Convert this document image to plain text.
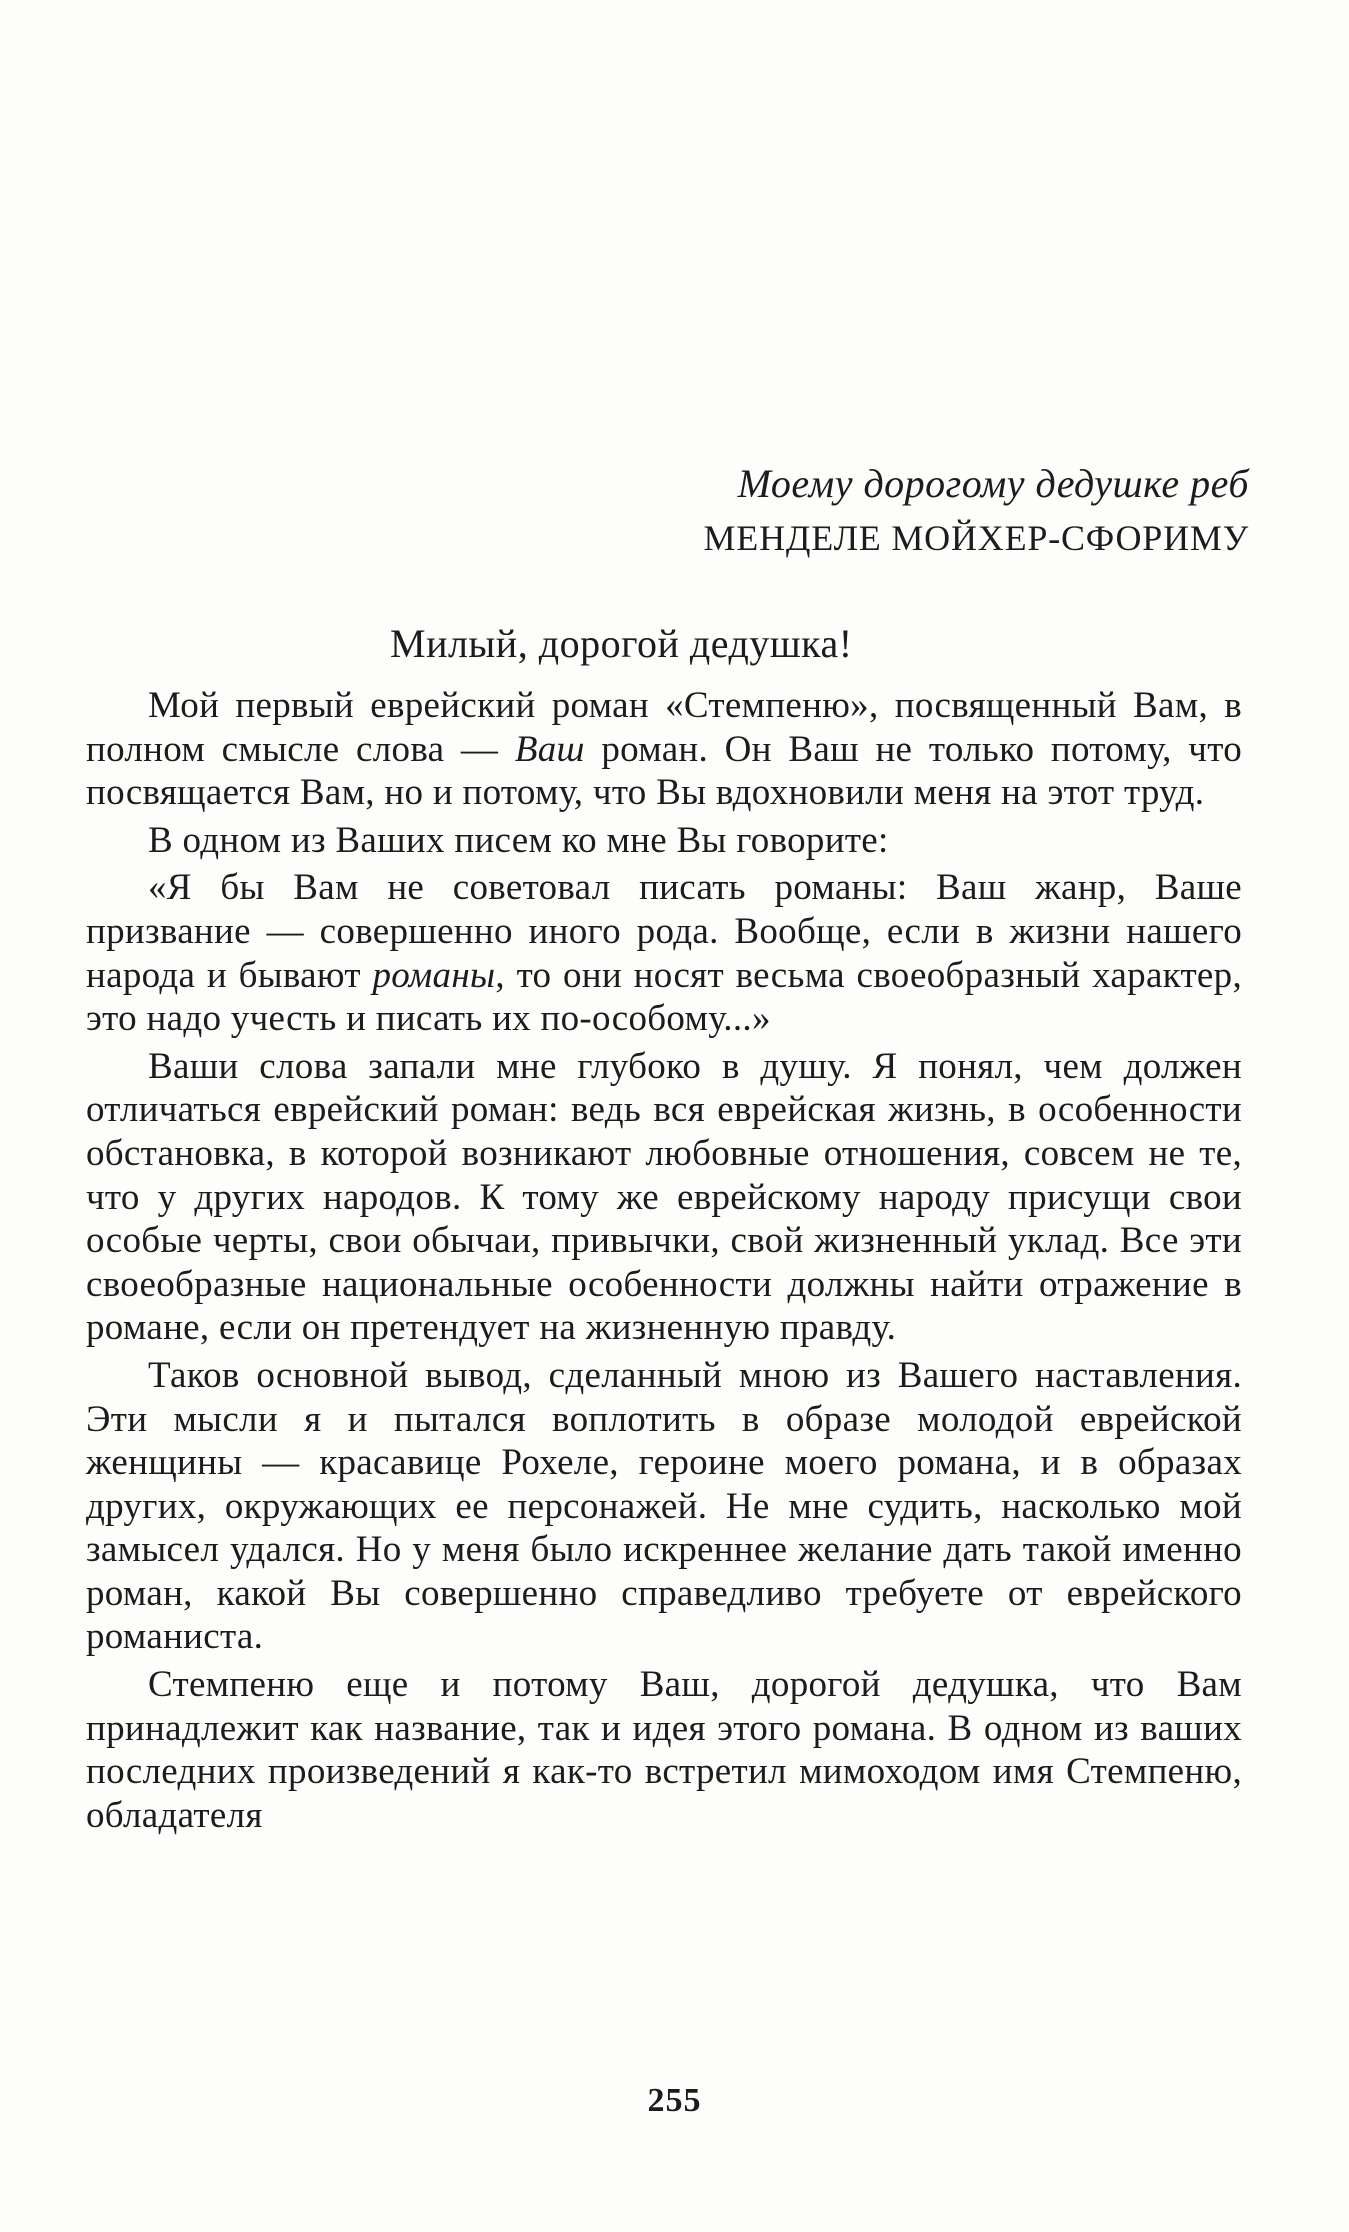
Моему дорогому дедушке реб
МЕНДЕЛЕ МОЙХЕР-СФОРИМУ
Милый, дорогой дедушка!

Мой первый еврейский роман «Стемпеню», посвященный Вам, в полном смысле слова — Ваш роман. Он Ваш не только потому, что посвящается Вам, но и потому, что Вы вдохновили меня на этот труд.

В одном из Ваших писем ко мне Вы говорите:

«Я бы Вам не советовал писать романы: Ваш жанр, Ваше призвание — совершенно иного рода. Вообще, если в жизни нашего народа и бывают романы, то они носят весьма своеобразный характер, это надо учесть и писать их по-особому...»

Ваши слова запали мне глубоко в душу. Я понял, чем должен отличаться еврейский роман: ведь вся еврейская жизнь, в особенности обстановка, в которой возникают любовные отношения, совсем не те, что у других народов. К тому же еврейскому народу присущи свои особые черты, свои обычаи, привычки, свой жизненный уклад. Все эти своеобразные национальные особенности должны найти отражение в романе, если он претендует на жизненную правду.

Таков основной вывод, сделанный мною из Вашего наставления. Эти мысли я и пытался воплотить в образе молодой еврейской женщины — красавице Рохеле, героине моего романа, и в образах других, окружающих ее персонажей. Не мне судить, насколько мой замысел удался. Но у меня было искреннее желание дать такой именно роман, какой Вы совершенно справедливо требуете от еврейского романиста.

Стемпеню еще и потому Ваш, дорогой дедушка, что Вам принадлежит как название, так и идея этого романа. В одном из ваших последних произведений я как-то встретил мимоходом имя Стемпеню, обладателя

255
